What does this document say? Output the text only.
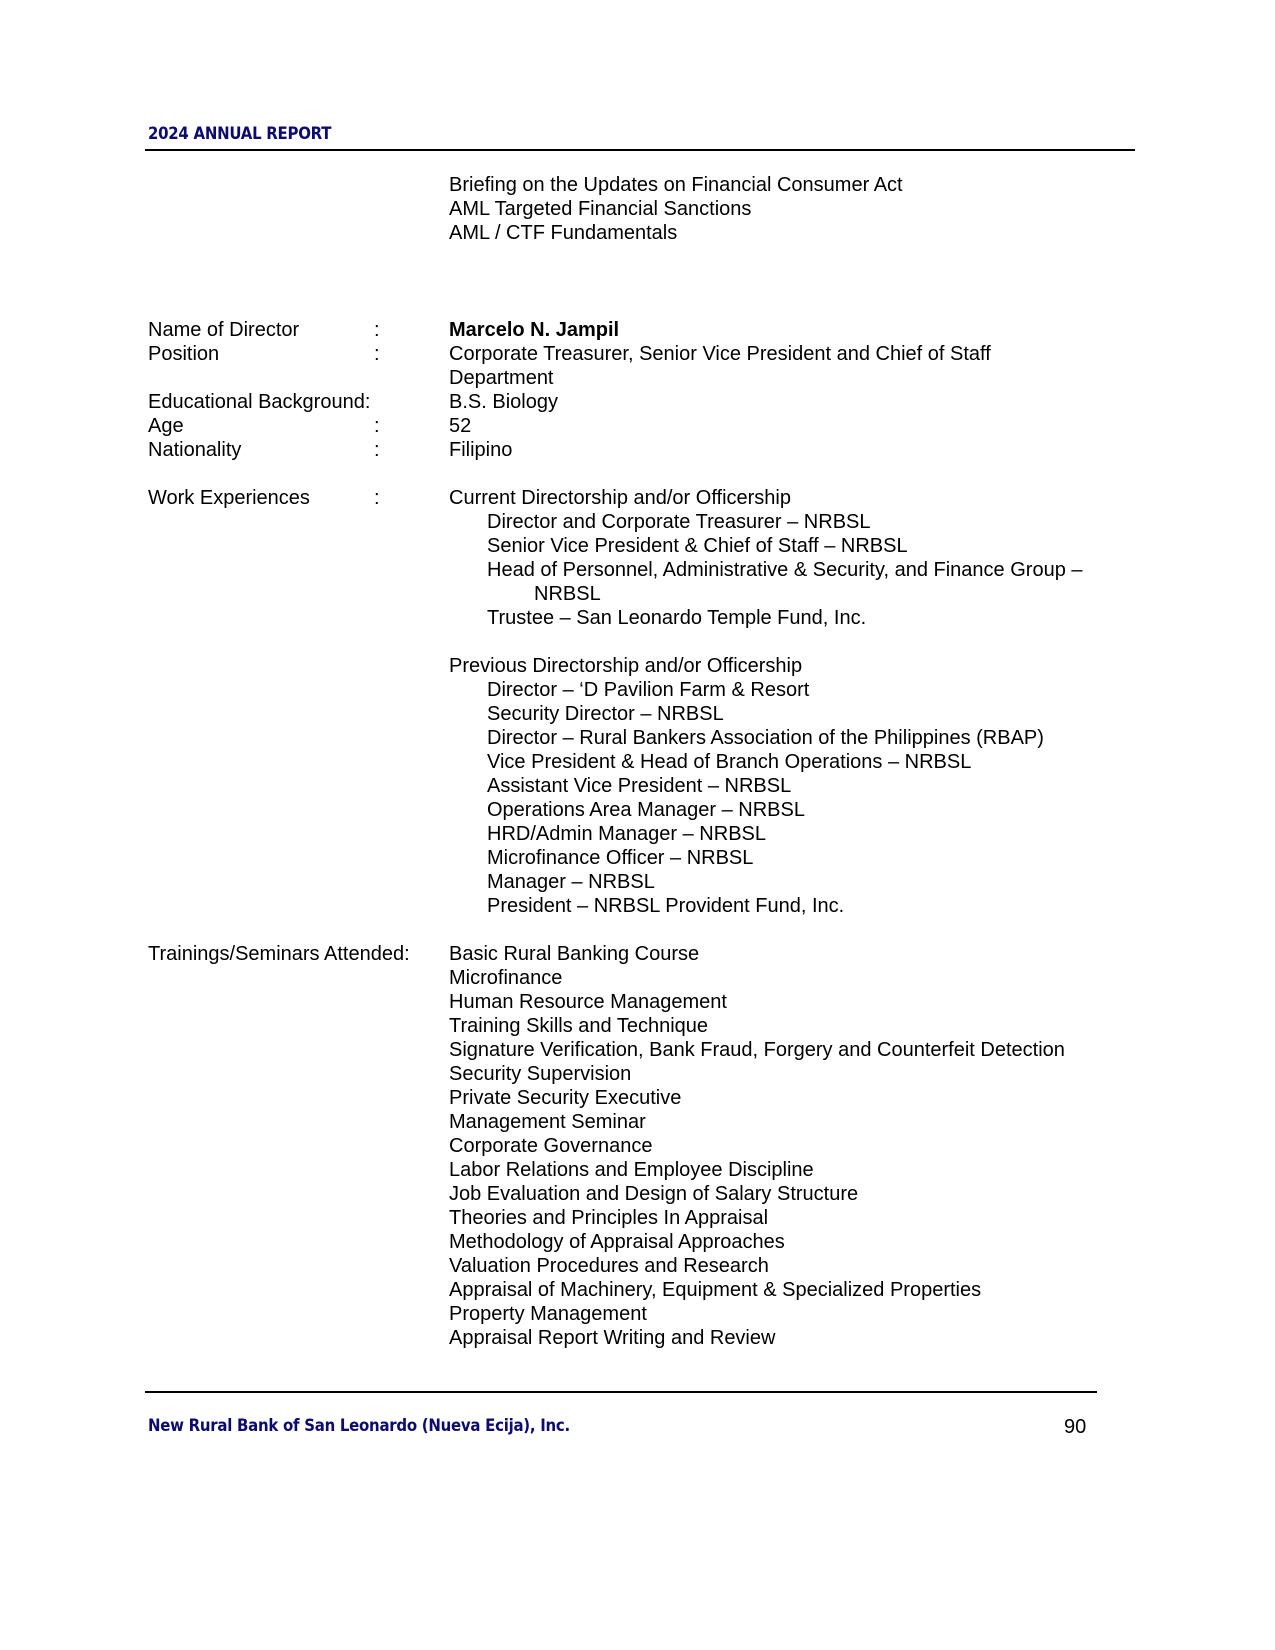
2024 ANNUAL REPORT
Briefing on the Updates on Financial Consumer Act
AML Targeted Financial Sanctions
AML / CTF Fundamentals
Name of Director	:	Marcelo N. Jampil
Position	:	Corporate Treasurer, Senior Vice President and Chief of Staff
Department
Educational Background:	B.S. Biology
Age	:	52
Nationality	:	Filipino
Work Experiences	:	Current Directorship and/or Officership
Director and Corporate Treasurer – NRBSL
Senior Vice President & Chief of Staff – NRBSL
Head of Personnel, Administrative & Security, and Finance Group –
NRBSL
Trustee – San Leonardo Temple Fund, Inc.
Previous Directorship and/or Officership
Director – ‘D Pavilion Farm & Resort
Security Director – NRBSL
Director – Rural Bankers Association of the Philippines (RBAP)
Vice President & Head of Branch Operations – NRBSL
Assistant Vice President – NRBSL
Operations Area Manager – NRBSL
HRD/Admin Manager – NRBSL
Microfinance Officer – NRBSL
Manager – NRBSL
President – NRBSL Provident Fund, Inc.
Trainings/Seminars Attended: Basic Rural Banking Course
Microfinance
Human Resource Management
Training Skills and Technique
Signature Verification, Bank Fraud, Forgery and Counterfeit Detection
Security Supervision
Private Security Executive
Management Seminar
Corporate Governance
Labor Relations and Employee Discipline
Job Evaluation and Design of Salary Structure
Theories and Principles In Appraisal
Methodology of Appraisal Approaches
Valuation Procedures and Research
Appraisal of Machinery, Equipment & Specialized Properties
Property Management
Appraisal Report Writing and Review
New Rural Bank of San Leonardo (Nueva Ecija), Inc.	90
